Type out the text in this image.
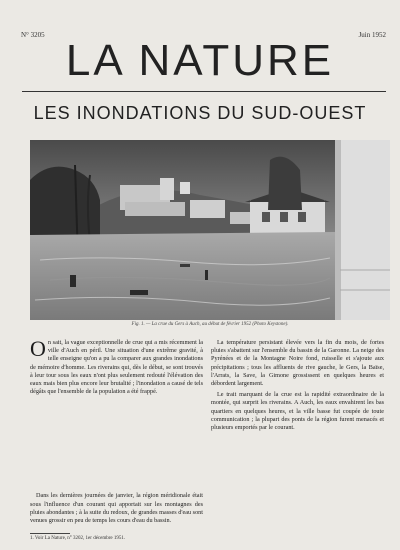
N° 3205	Juin 1952
LA NATURE
LES INONDATIONS DU SUD-OUEST
Fig. 1. — La crue du Gers à Auch, au début de février 1952 (Photo Keystone).

On sait, la vague exceptionnelle de crue qui a mis récemment la ville d'Auch en péril. Une situation d'une extrême gravité, à telle enseigne qu'on a pu la comparer aux grandes inondations de mémoire d'homme. Les riverains qui, dès le début, se sont trouvés à leur tour sous les eaux n'ont plus seulement redouté l'élévation des eaux mais bien plus encore leur brutalité ; l'inondation a causé de tels dégâts que l'ensemble de la population a été frappé.

Dans les dernières journées de janvier, la région méridionale était sous l'influence d'un courant qui apportait sur les montagnes des pluies abondantes ; à la suite du redoux, de grandes masses d'eau sont venues grossir en peu de temps les cours d'eau du bassin.

La température persistant élevée vers la fin du mois, de fortes pluies s'abattent sur l'ensemble du bassin de la Garonne. La neige des Pyrénées et de la Montagne Noire fond, ruisselle et s'ajoute aux précipitations ; tous les affluents de rive gauche, le Gers, la Baïse, l'Arrats, la Save, la Gimone grossissent en quelques heures et débordent largement.

Le trait marquant de la crue est la rapidité extraordinaire de la montée, qui surprit les riverains. A Auch, les eaux envahirent les bas quartiers en quelques heures, et la ville basse fut coupée de toute communication ; la plupart des ponts de la région furent menacés et plusieurs emportés par le courant.

1. Voir La Nature, n° 3202, 1er décembre 1951.
